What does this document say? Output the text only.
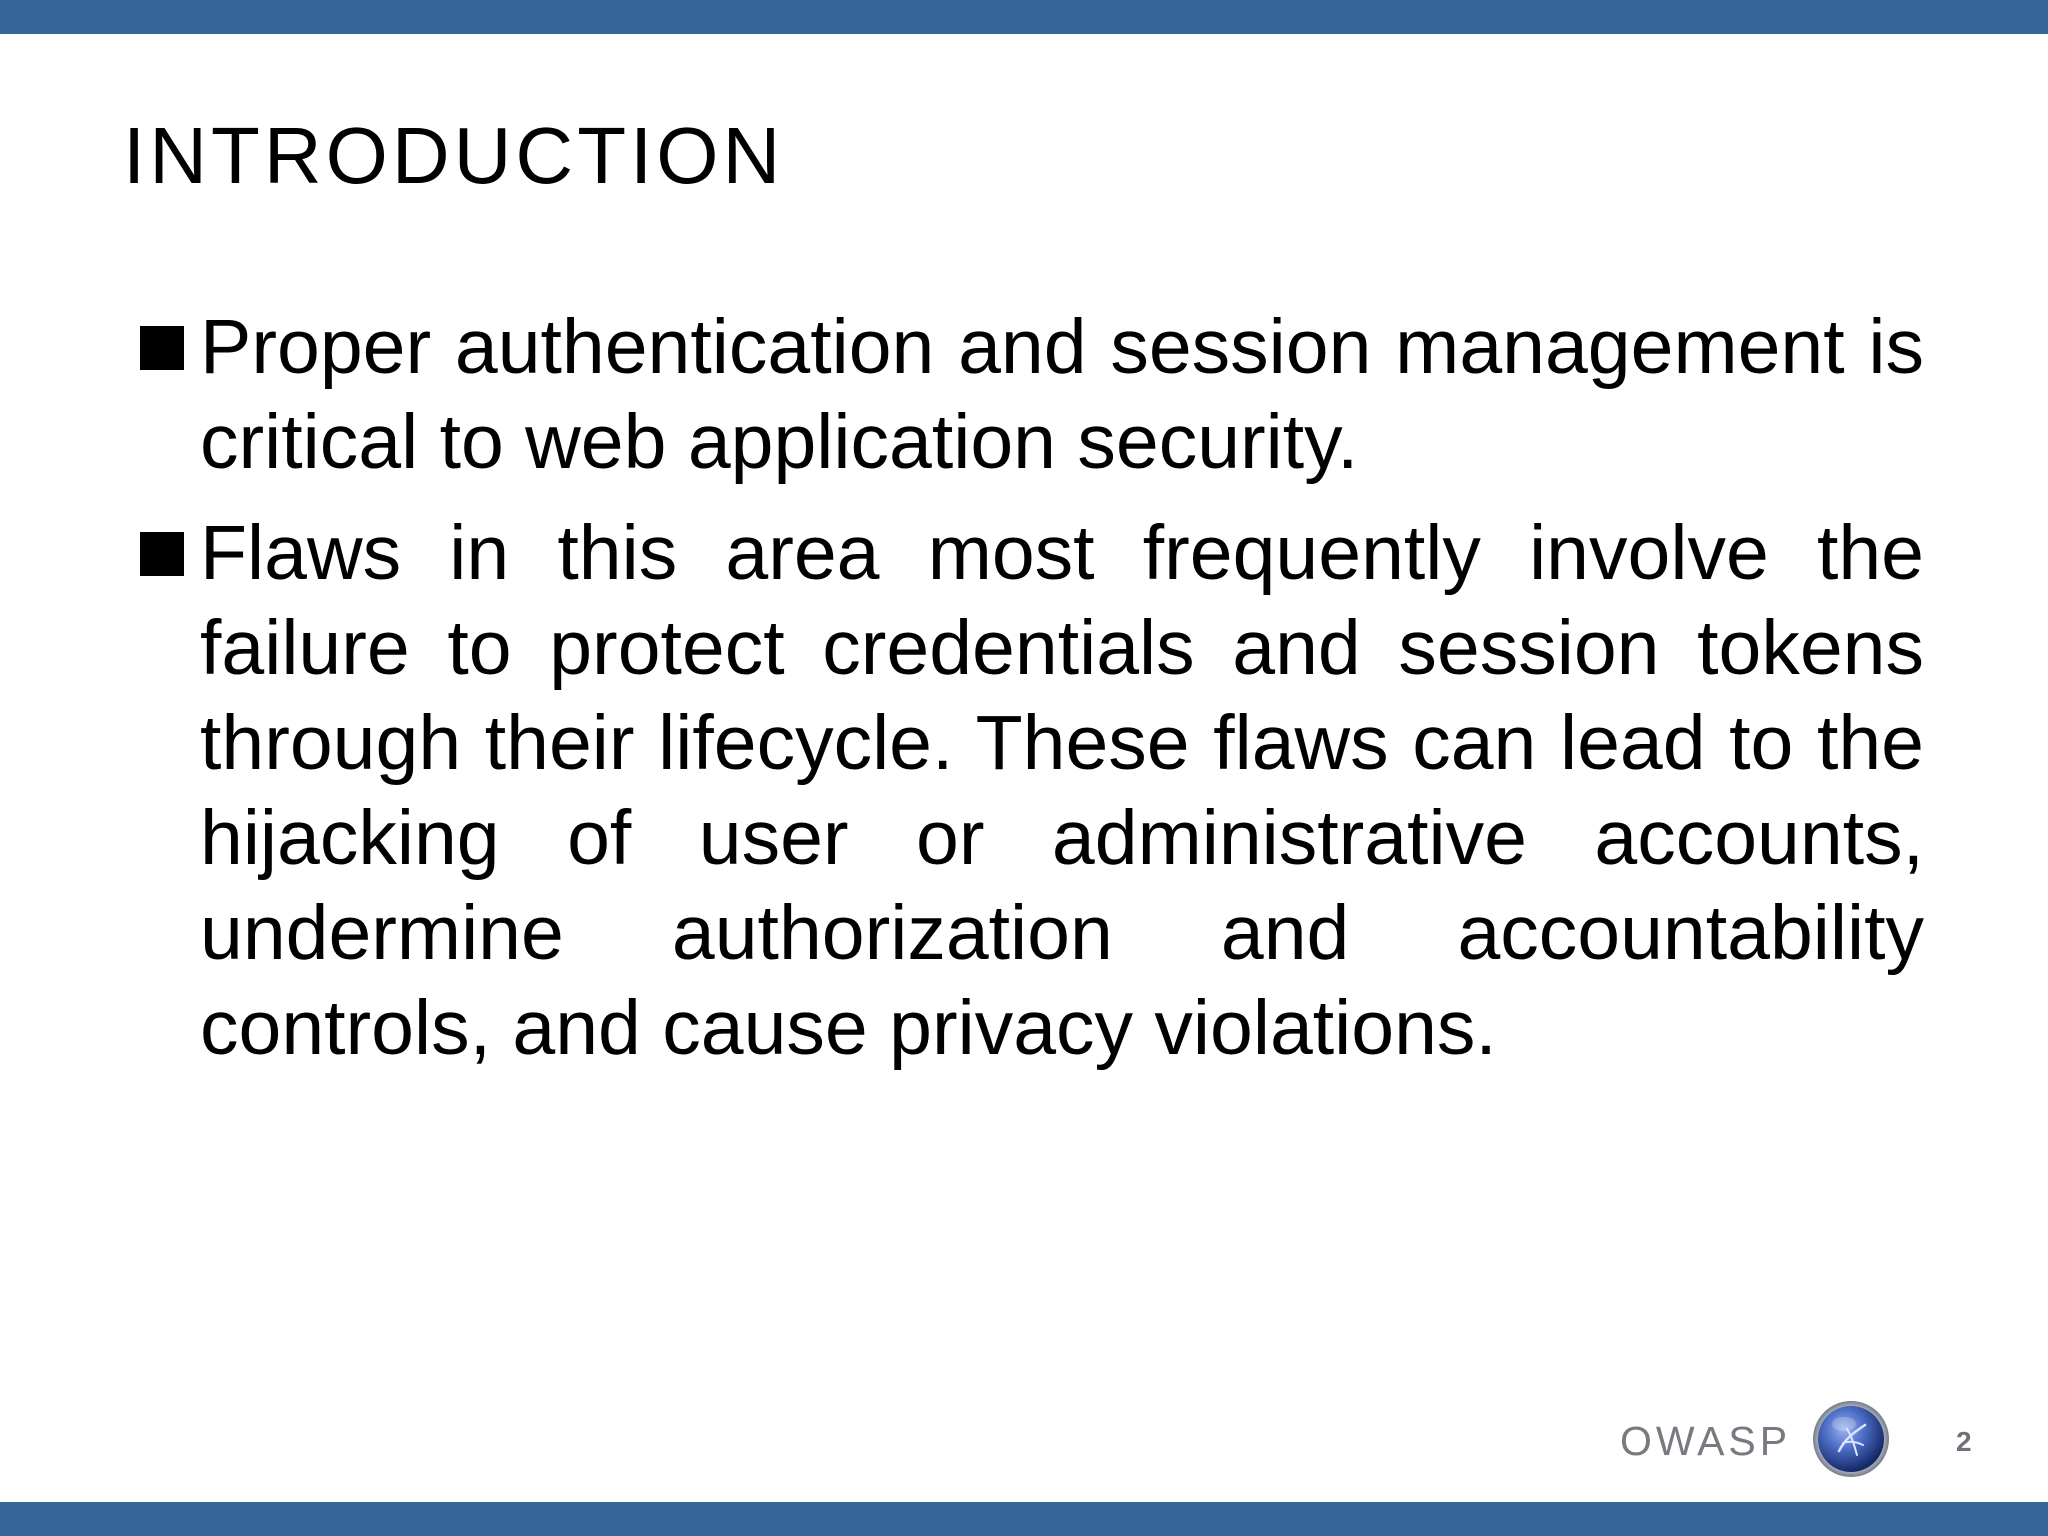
INTRODUCTION
Proper authentication and session management is critical to web application security.
Flaws in this area most frequently involve the failure to protect credentials and session tokens through their lifecycle. These flaws can lead to the hijacking of user or administrative accounts, undermine authorization and accountability controls, and cause privacy violations.
OWASP	2
